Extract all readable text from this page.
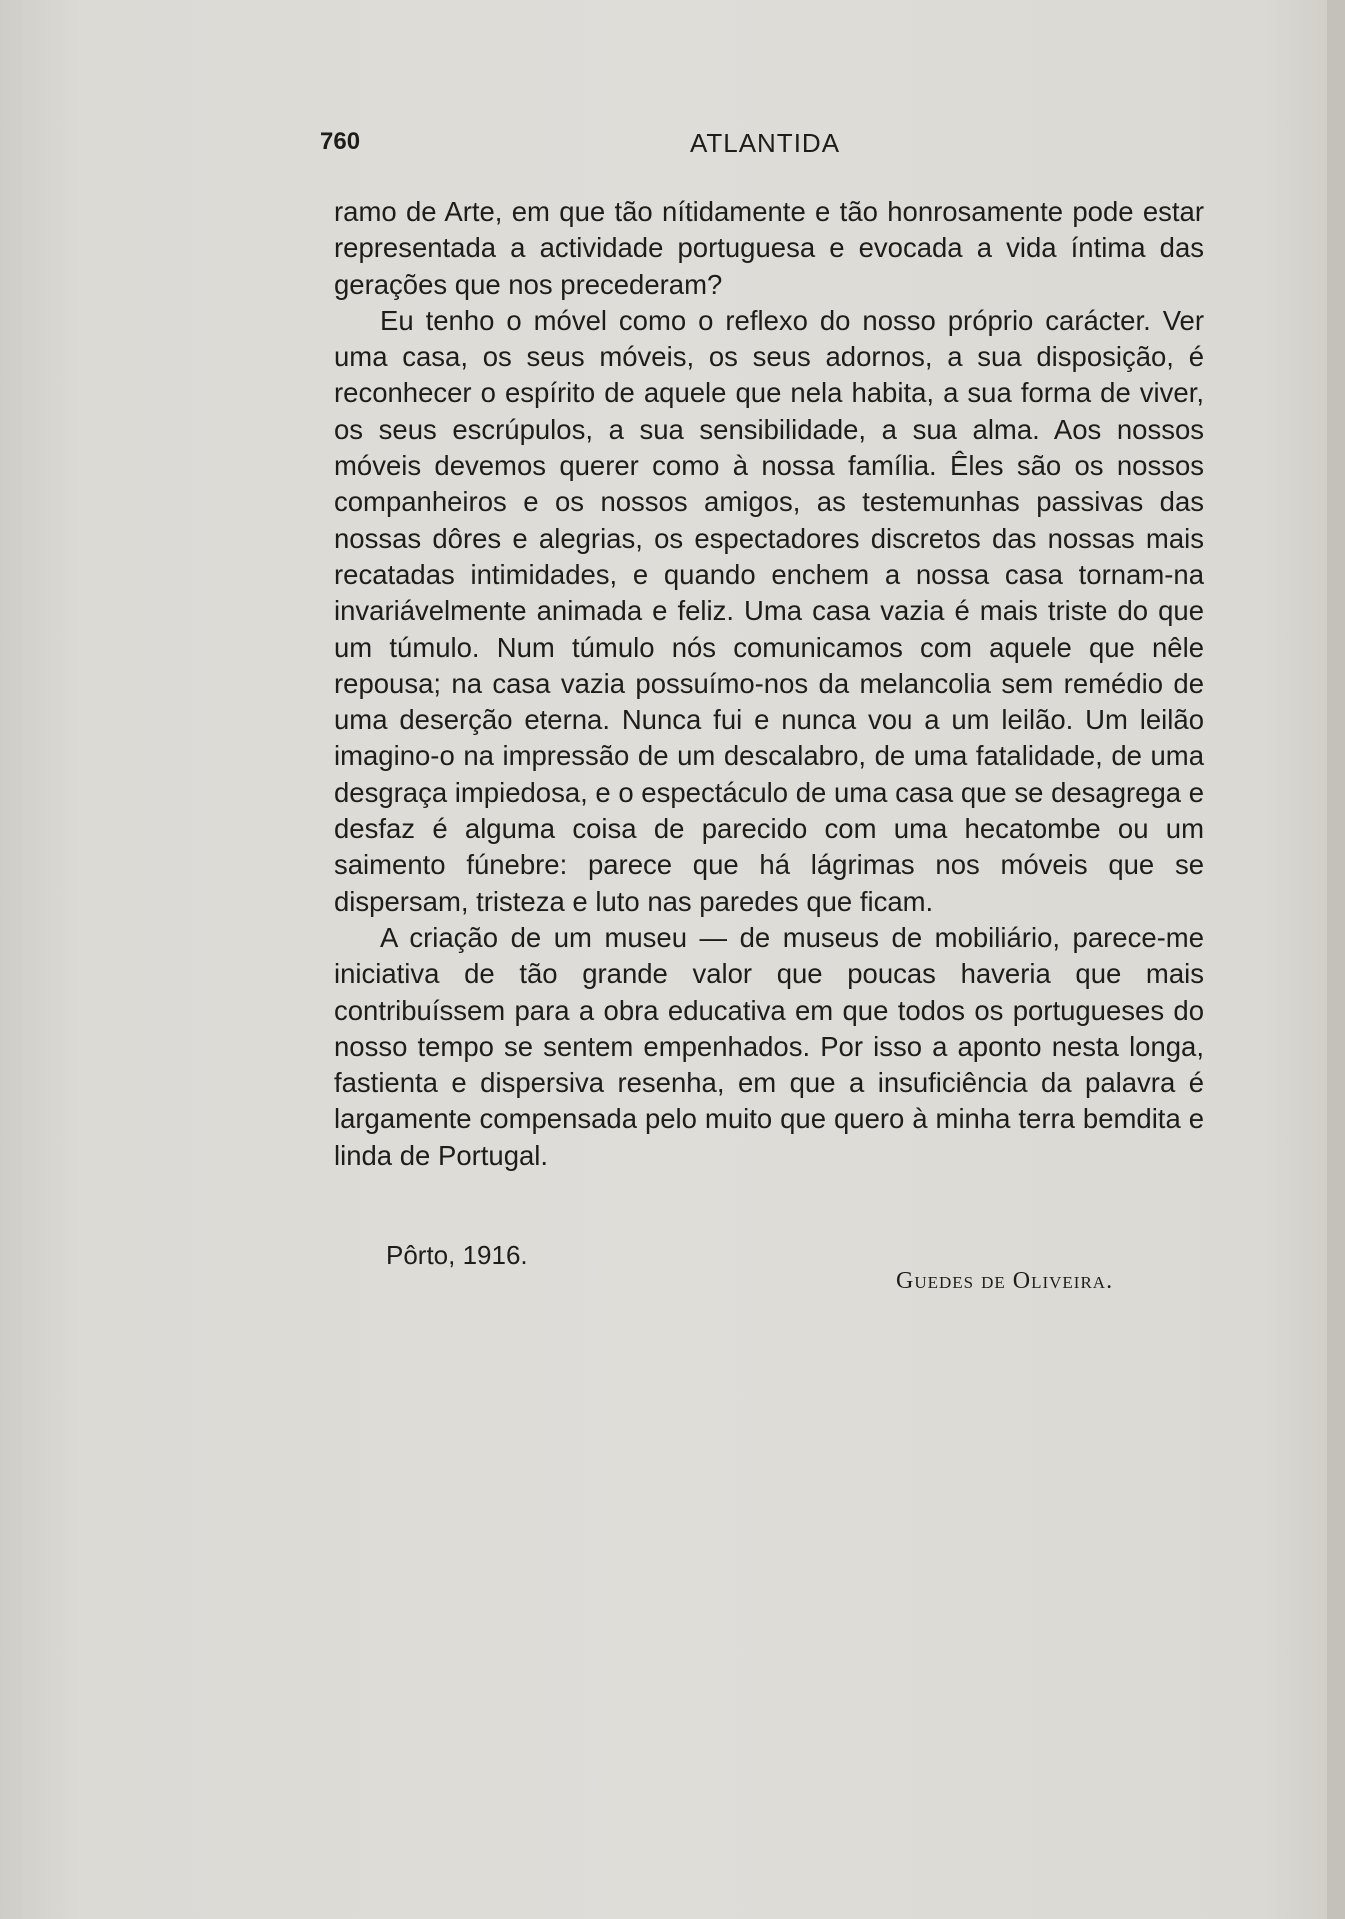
ATLANTIDA
760

ramo de Arte, em que tão nítidamente e tão honrosamente pode estar representada a actividade portuguesa e evocada a vida íntima das gerações que nos precederam?

Eu tenho o móvel como o reflexo do nosso próprio carácter. Ver uma casa, os seus móveis, os seus adornos, a sua disposição, é reconhecer o espírito de aquele que nela habita, a sua forma de viver, os seus escrúpulos, a sua sensibilidade, a sua alma. Aos nossos móveis devemos querer como à nossa família. Êles são os nossos companheiros e os nossos amigos, as testemunhas passivas das nossas dôres e alegrias, os espectadores discretos das nossas mais recatadas intimidades, e quando enchem a nossa casa tornam-na invariávelmente animada e feliz. Uma casa vazia é mais triste do que um túmulo. Num túmulo nós comunicamos com aquele que nêle repousa; na casa vazia possuímo-nos da melancolia sem remédio de uma deserção eterna. Nunca fui e nunca vou a um leilão. Um leilão imagino-o na impressão de um descalabro, de uma fatalidade, de uma desgraça impiedosa, e o espectáculo de uma casa que se desagrega e desfaz é alguma coisa de parecido com uma hecatombe ou um saimento fúnebre: parece que há lágrimas nos móveis que se dispersam, tristeza e luto nas paredes que ficam.

A criação de um museu — de museus de mobiliário, parece-me iniciativa de tão grande valor que poucas haveria que mais contribuíssem para a obra educativa em que todos os portugueses do nosso tempo se sentem empenhados. Por isso a aponto nesta longa, fastienta e dispersiva resenha, em que a insuficiência da palavra é largamente compensada pelo muito que quero à minha terra bemdita e linda de Portugal.

Pôrto, 1916.
Guedes de Oliveira.
